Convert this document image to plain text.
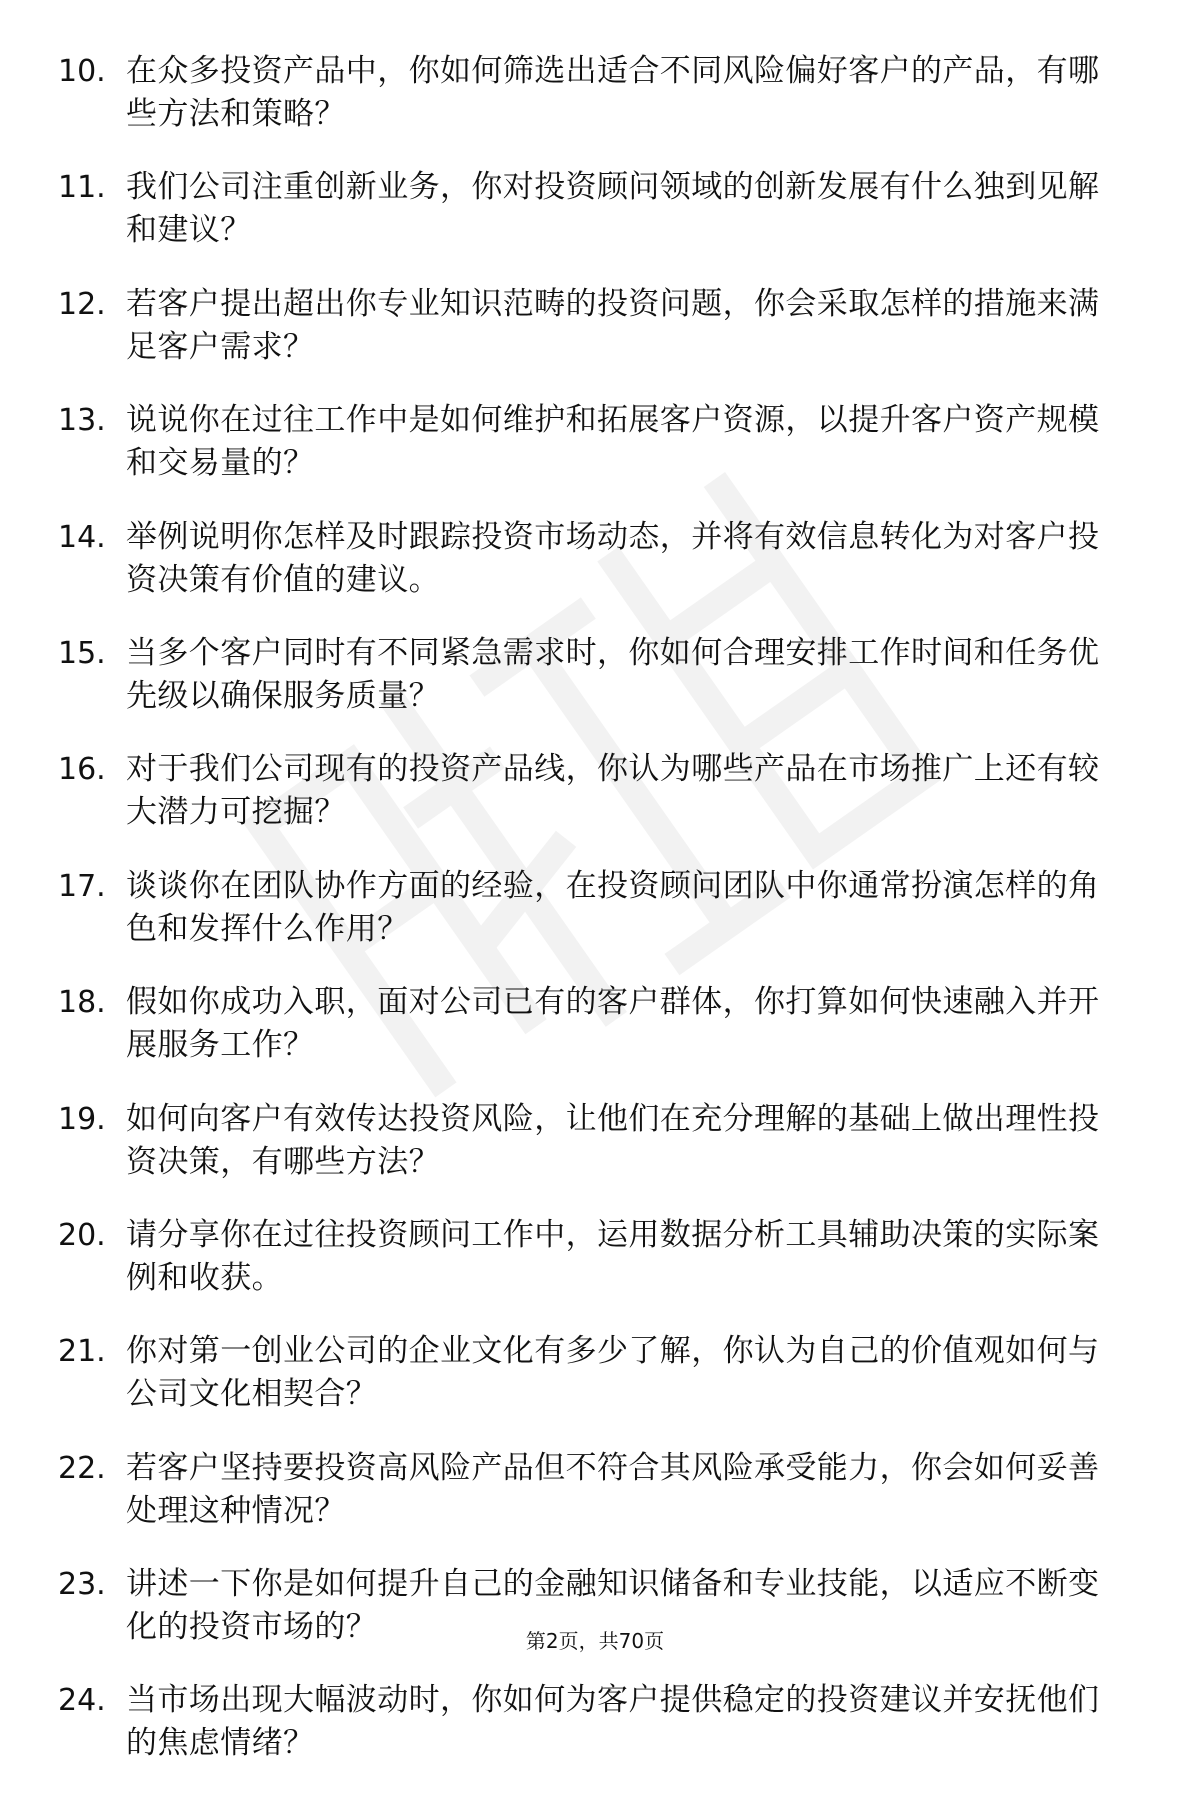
10. 在众多投资产品中，你如何筛选出适合不同风险偏好客户的产品，有哪些方法和策略？
11. 我们公司注重创新业务，你对投资顾问领域的创新发展有什么独到见解和建议？
12. 若客户提出超出你专业知识范畴的投资问题，你会采取怎样的措施来满足客户需求？
13. 说说你在过往工作中是如何维护和拓展客户资源，以提升客户资产规模和交易量的？
14. 举例说明你怎样及时跟踪投资市场动态，并将有效信息转化为对客户投资决策有价值的建议。
15. 当多个客户同时有不同紧急需求时，你如何合理安排工作时间和任务优先级以确保服务质量？
16. 对于我们公司现有的投资产品线，你认为哪些产品在市场推广上还有较大潜力可挖掘？
17. 谈谈你在团队协作方面的经验，在投资顾问团队中你通常扮演怎样的角色和发挥什么作用？
18. 假如你成功入职，面对公司已有的客户群体，你打算如何快速融入并开展服务工作？
19. 如何向客户有效传达投资风险，让他们在充分理解的基础上做出理性投资决策，有哪些方法？
20. 请分享你在过往投资顾问工作中，运用数据分析工具辅助决策的实际案例和收获。
21. 你对第一创业公司的企业文化有多少了解，你认为自己的价值观如何与公司文化相契合？
22. 若客户坚持要投资高风险产品但不符合其风险承受能力，你会如何妥善处理这种情况？
23. 讲述一下你是如何提升自己的金融知识储备和专业技能，以适应不断变化的投资市场的？
24. 当市场出现大幅波动时，你如何为客户提供稳定的投资建议并安抚他们的焦虑情绪？
第2页，共70页
